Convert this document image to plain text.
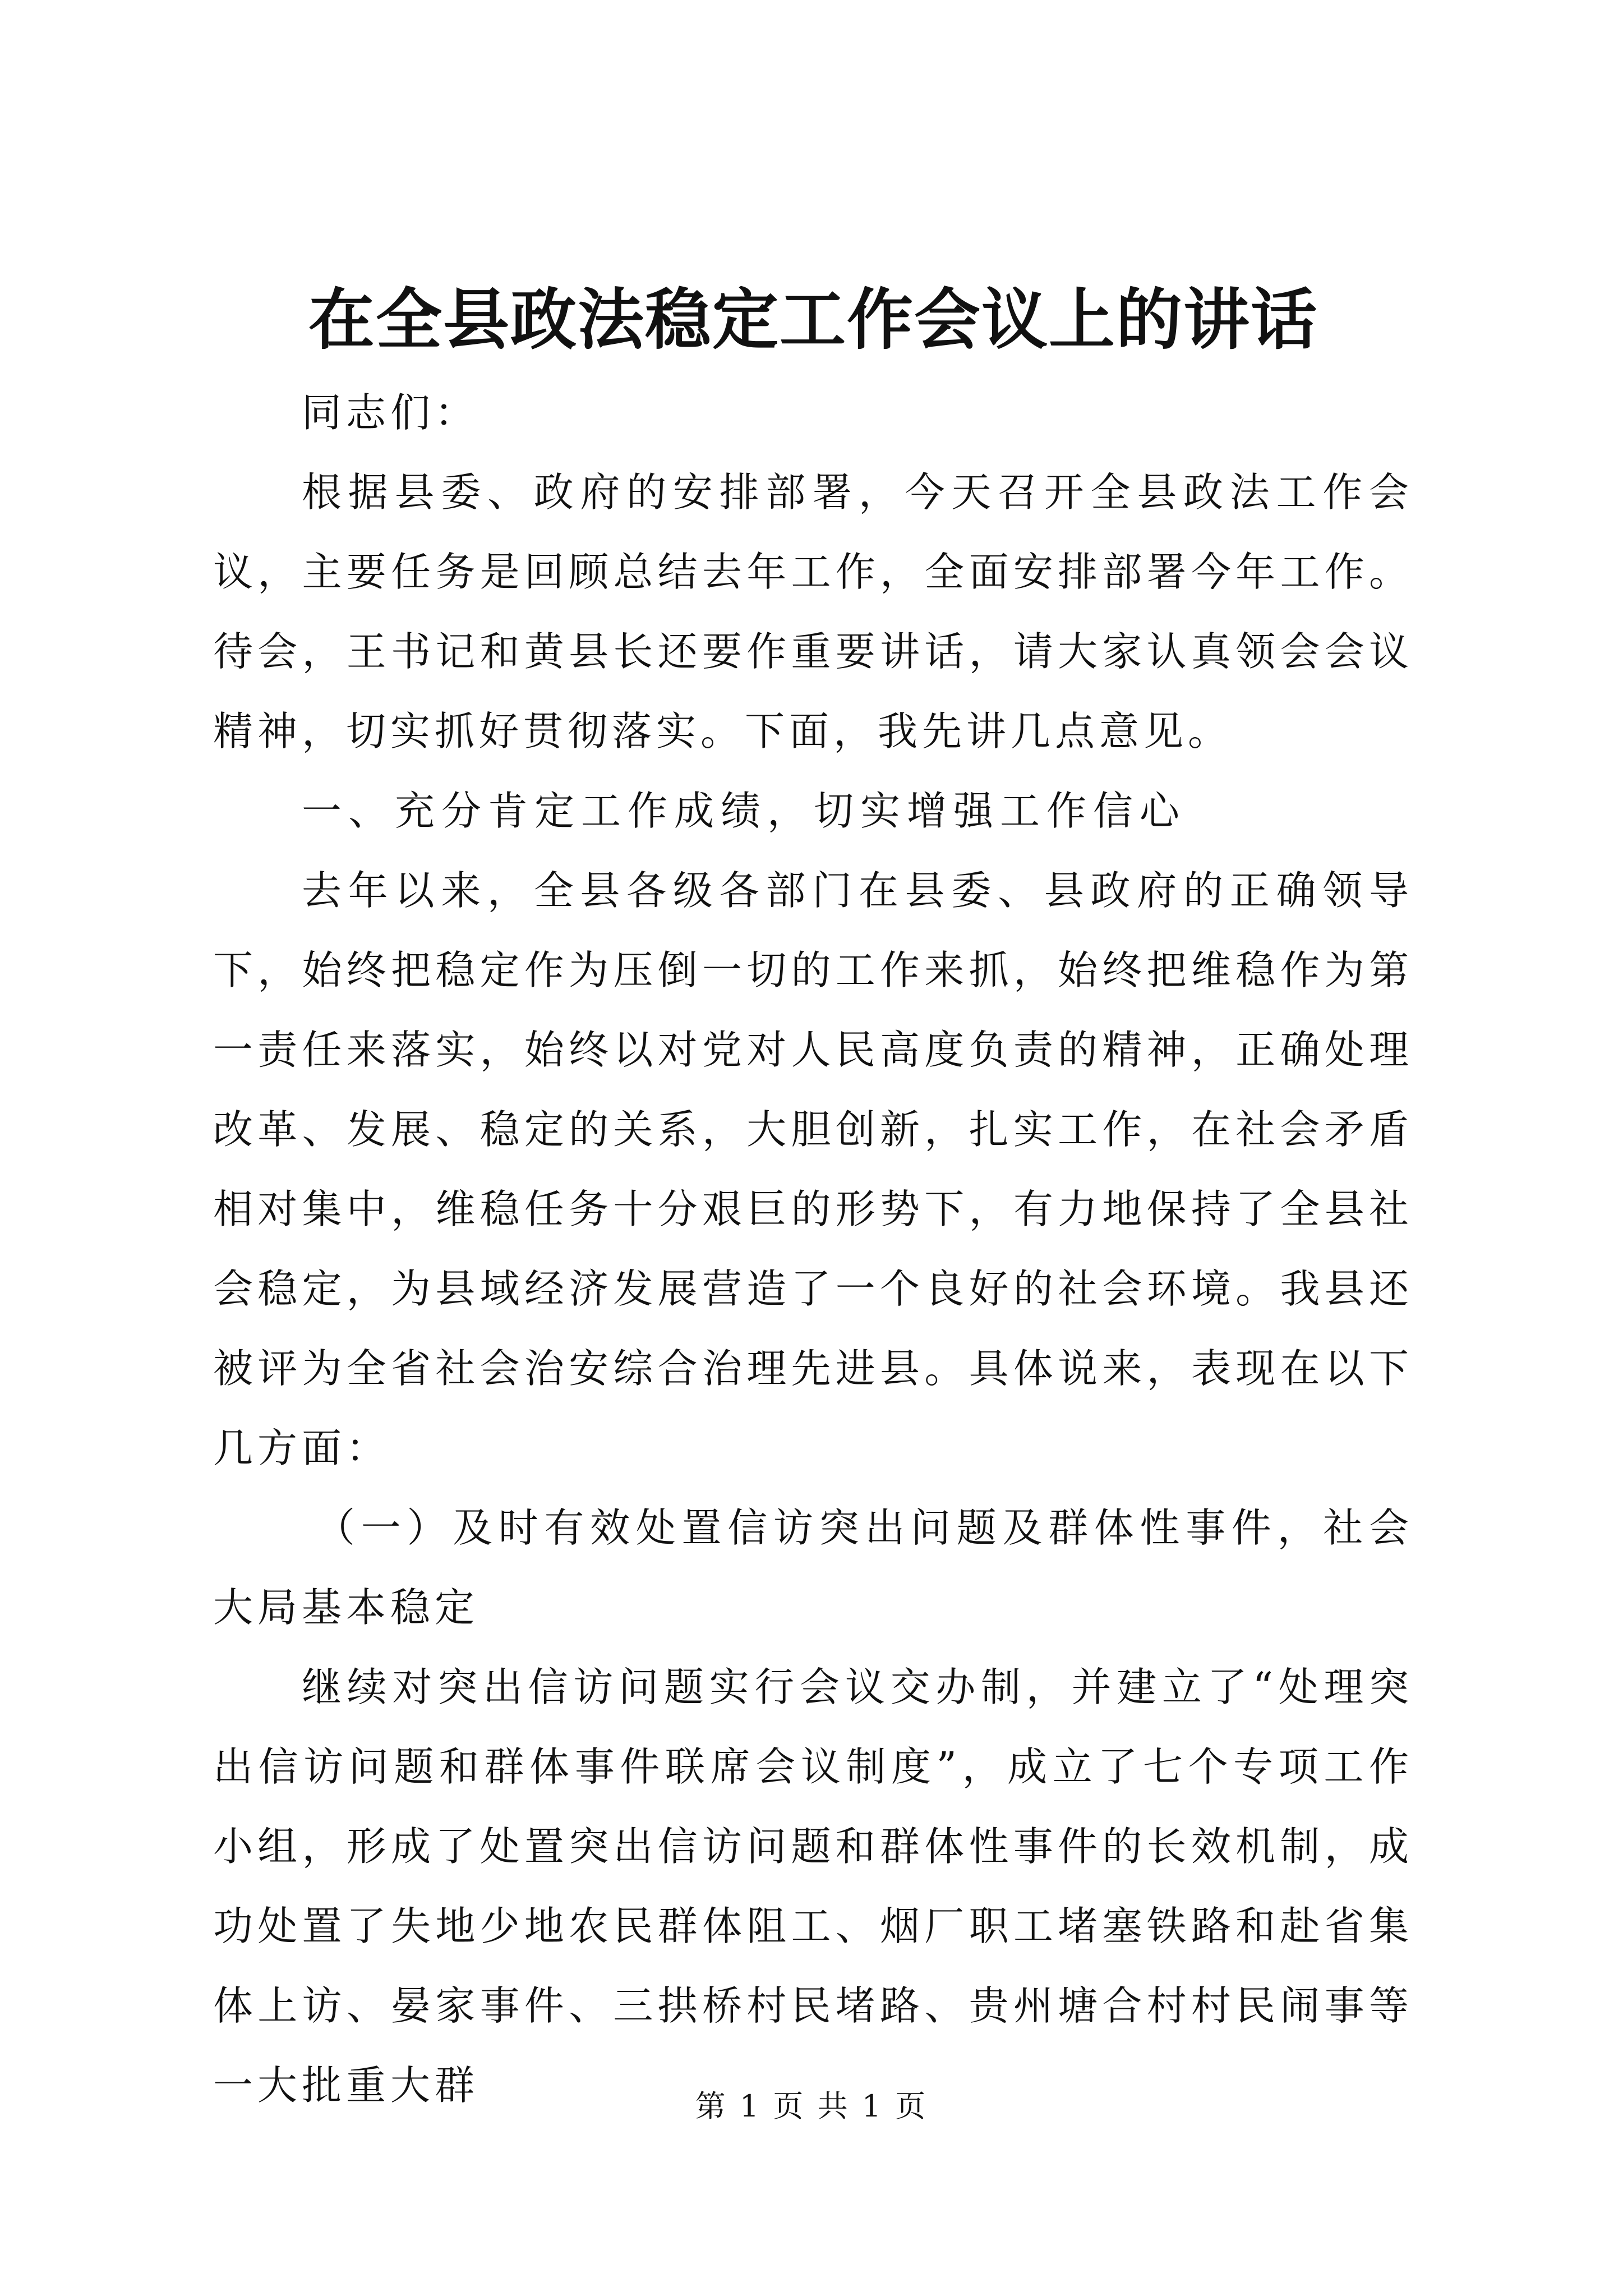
在全县政法稳定工作会议上的讲话

同志们：

根据县委、政府的安排部署，今天召开全县政法工作会议，主要任务是回顾总结去年工作，全面安排部署今年工作。待会，王书记和黄县长还要作重要讲话，请大家认真领会会议精神，切实抓好贯彻落实。下面，我先讲几点意见。

一、充分肯定工作成绩，切实增强工作信心

去年以来，全县各级各部门在县委、县政府的正确领导下，始终把稳定作为压倒一切的工作来抓，始终把维稳作为第一责任来落实，始终以对党对人民高度负责的精神，正确处理改革、发展、稳定的关系，大胆创新，扎实工作，在社会矛盾相对集中，维稳任务十分艰巨的形势下，有力地保持了全县社会稳定，为县域经济发展营造了一个良好的社会环境。我县还被评为全省社会治安综合治理先进县。具体说来，表现在以下几方面：

（一）及时有效处置信访突出问题及群体性事件，社会大局基本稳定

继续对突出信访问题实行会议交办制，并建立了“处理突出信访问题和群体事件联席会议制度”，成立了七个专项工作小组，形成了处置突出信访问题和群体性事件的长效机制，成功处置了失地少地农民群体阻工、烟厂职工堵塞铁路和赴省集体上访、晏家事件、三拱桥村民堵路、贵州塘合村村民闹事等一大批重大群	第 1 页 共 1 页
